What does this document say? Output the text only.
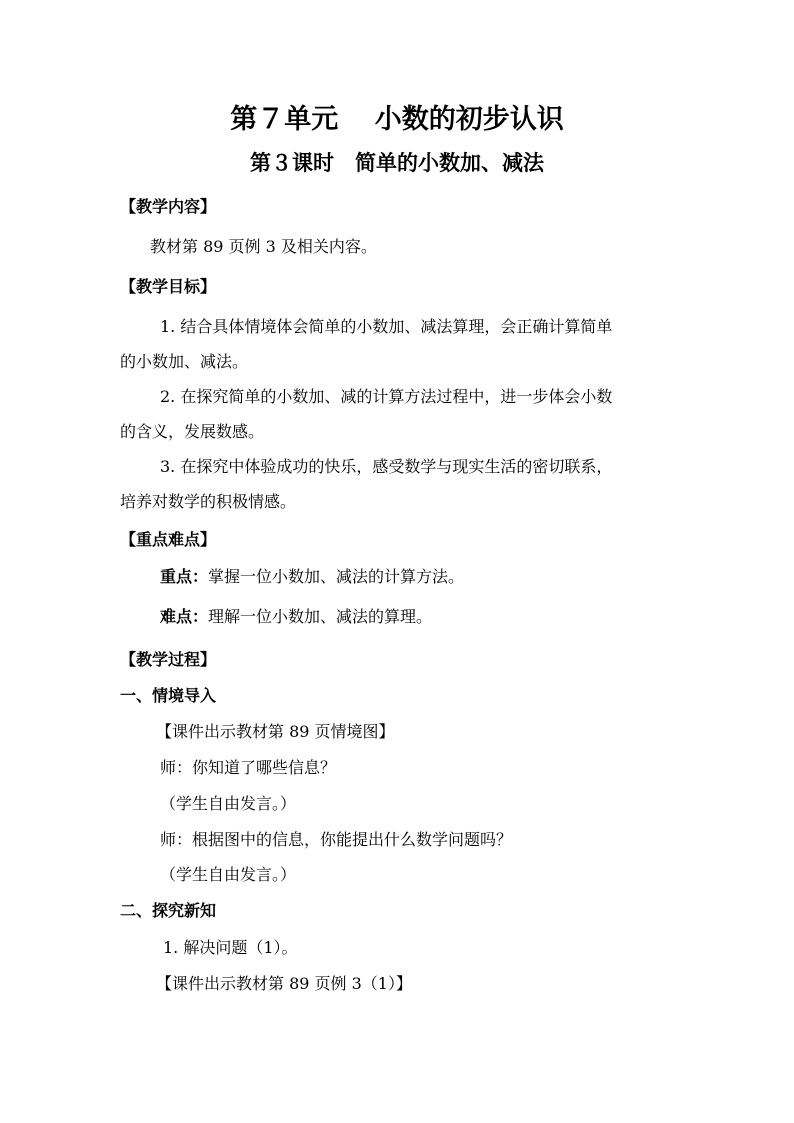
第７单元　 小数的初步认识
第３课时　简单的小数加、减法
【教学内容】
教材第 89 页例 3 及相关内容。
【教学目标】
1. 结合具体情境体会简单的小数加、减法算理，会正确计算简单
的小数加、减法。
2. 在探究简单的小数加、减的计算方法过程中，进一步体会小数
的含义，发展数感。
3. 在探究中体验成功的快乐，感受数学与现实生活的密切联系，
培养对数学的积极情感。
【重点难点】
重点：掌握一位小数加、减法的计算方法。
难点：理解一位小数加、减法的算理。
【教学过程】
一、情境导入
【课件出示教材第 89 页情境图】
师：你知道了哪些信息？
（学生自由发言。）
师：根据图中的信息，你能提出什么数学问题吗？
（学生自由发言。）
二、探究新知
1. 解决问题（1）。
【课件出示教材第 89 页例 3（1）】
